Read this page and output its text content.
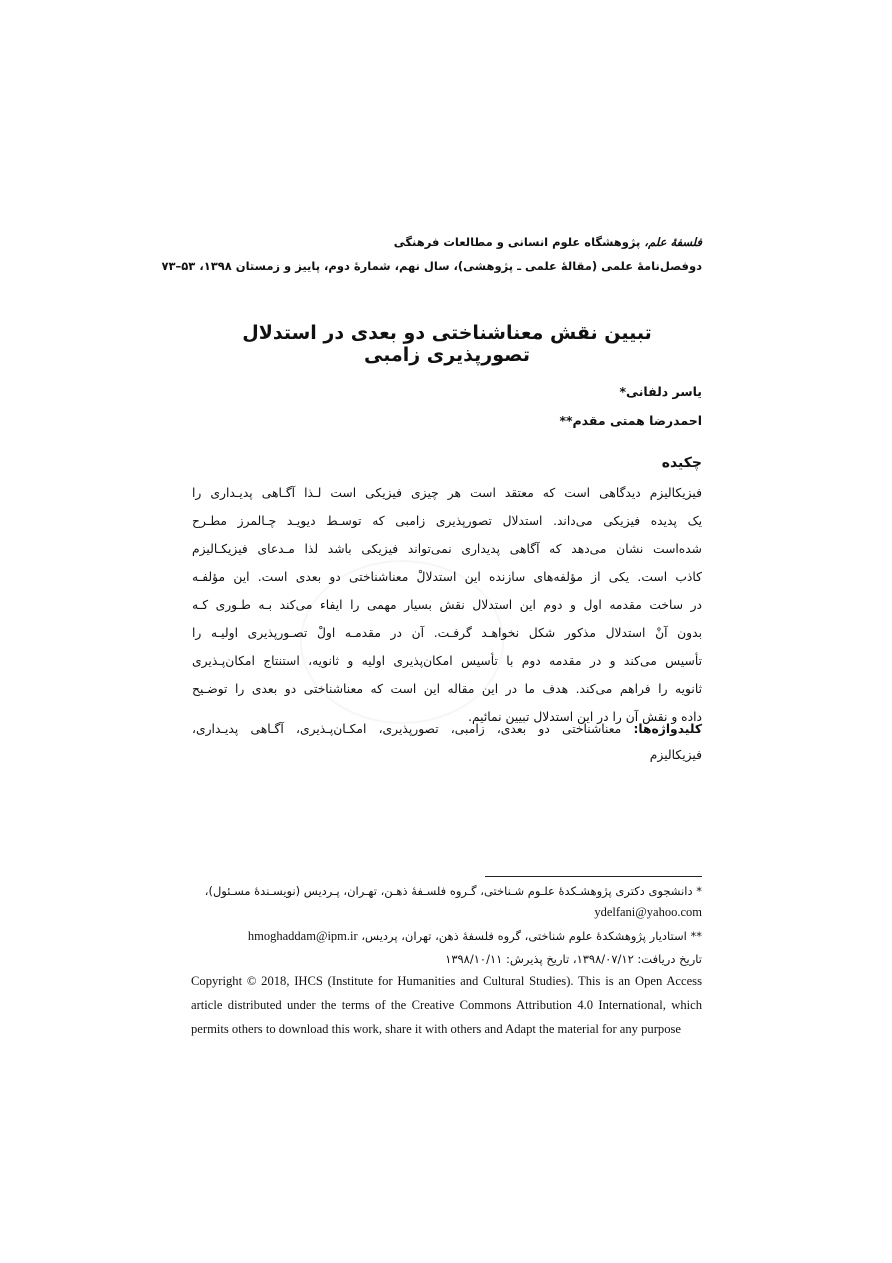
فلسفهٔ علم، پژوهشگاه علوم انسانی و مطالعات فرهنگی
دوفصل‌نامهٔ علمی (مقالهٔ علمی ـ پژوهشی)، سال نهم، شمارهٔ دوم، پاییز و زمستان ۱۳۹۸، ۵۳–۷۳
تبیین نقش معناشناختی دو بعدی در استدلال تصورپذیری زامبی
یاسر دلفانی*
احمدرضا همتی مقدم**
چکیده
فیزیکالیزم دیدگاهی است که معتقد است هر چیزی فیزیکی است لـذا آگـاهی پدیـداری را
یک پدیده فیزیکی می‌داند. استدلال تصورپذیری زامبی که توسـط دیویـد چـالمرز مطـرح
شده‌است نشان می‌دهد که آگاهی پدیداری نمی‌تواند فیزیکی باشد لذا مـدعای فیزیکـالیزم
کاذب است. یکی از مؤلفه‌های سازنده این استدلالْ معناشناختی دو بعدی است. این مؤلفـه
در ساخت مقدمه اول و دوم این استدلال نقش بسیار مهمی را ایفاء می‌کند بـه طـوری کـه
بدون آنْ استدلال مذکور شکل نخواهـد گرفـت. آن در مقدمـه اولْ تصـورپذیری اولیـه را
تأسیس می‌کند و در مقدمه دوم با تأسیس امکان‌پذیری اولیه و ثانویه، استنتاج امکان‌پـذیری
ثانویه را فراهم می‌کند. هدف ما در این مقاله این است که معناشناختی دو بعدی را توضـیح
داده و نقش آن را در این استدلال تبیین نمائیم.
کلیدواژه‌ها: معناشناختی دو بعدی، زامبی، تصورپذیری، امکـان‌پـذیری، آگـاهی پدیـداری،
فیزیکالیزم
* دانشجوی دکتری پژوهشـکدهٔ علـوم شـناختی، گـروه فلسـفهٔ ذهـن، تهـران، پـردیس (نویسـندهٔ مسـئول)،
ydelfani@yahoo.com
** استادیار پژوهشکدهٔ علوم شناختی، گروه فلسفهٔ ذهن، تهران، پردیس، hmoghaddam@ipm.ir
تاریخ دریافت: ۱۳۹۸/۰۷/۱۲، تاریخ پذیرش: ۱۳۹۸/۱۰/۱۱
Copyright © 2018, IHCS (Institute for Humanities and Cultural Studies). This is an Open Access
article distributed under the terms of the Creative Commons Attribution 4.0 International, which
permits others to download this work, share it with others and Adapt the material for any purpose
